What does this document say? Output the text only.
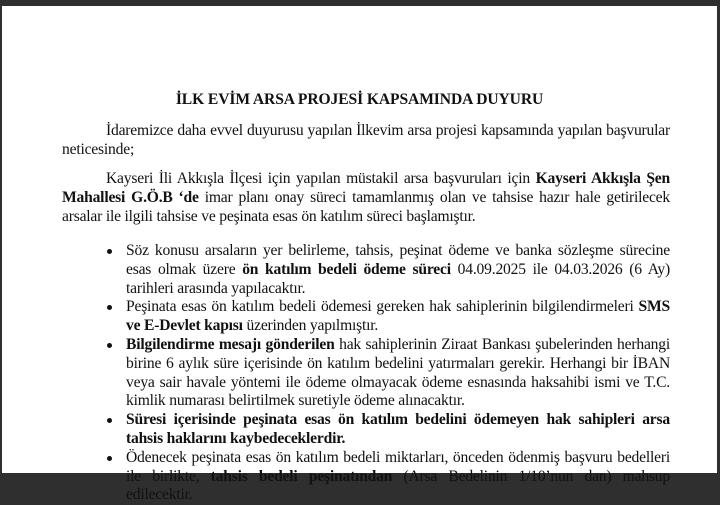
İLK EVİM ARSA PROJESİ KAPSAMINDA DUYURU
İdaremizce daha evvel duyurusu yapılan İlkevim arsa projesi kapsamında yapılan başvurular neticesinde;
Kayseri İli Akkışla İlçesi için yapılan müstakil arsa başvuruları için Kayseri Akkışla Şen Mahallesi G.Ö.B ‘de imar planı onay süreci tamamlanmış olan ve tahsise hazır hale getirilecek arsalar ile ilgili tahsise ve peşinata esas ön katılım süreci başlamıştır.
Söz konusu arsaların yer belirleme, tahsis, peşinat ödeme ve banka sözleşme sürecine esas olmak üzere ön katılım bedeli ödeme süreci 04.09.2025 ile 04.03.2026 (6 Ay) tarihleri arasında yapılacaktır.
Peşinata esas ön katılım bedeli ödemesi gereken hak sahiplerinin bilgilendirmeleri SMS ve E-Devlet kapısı üzerinden yapılmıştır.
Bilgilendirme mesajı gönderilen hak sahiplerinin Ziraat Bankası şubelerinden herhangi birine 6 aylık süre içerisinde ön katılım bedelini yatırmaları gerekir. Herhangi bir İBAN veya sair havale yöntemi ile ödeme olmayacak ödeme esnasında haksahibi ismi ve T.C. kimlik numarası belirtilmek suretiyle ödeme alınacaktır.
Süresi içerisinde peşinata esas ön katılım bedelini ödemeyen hak sahipleri arsa tahsis haklarını kaybedeceklerdir.
Ödenecek peşinata esas ön katılım bedeli miktarları, önceden ödenmiş başvuru bedelleri ile birlikte, tahsis bedeli peşinatından (Arsa Bedelinin 1/10’nun dan) mahsup edilecektir.
